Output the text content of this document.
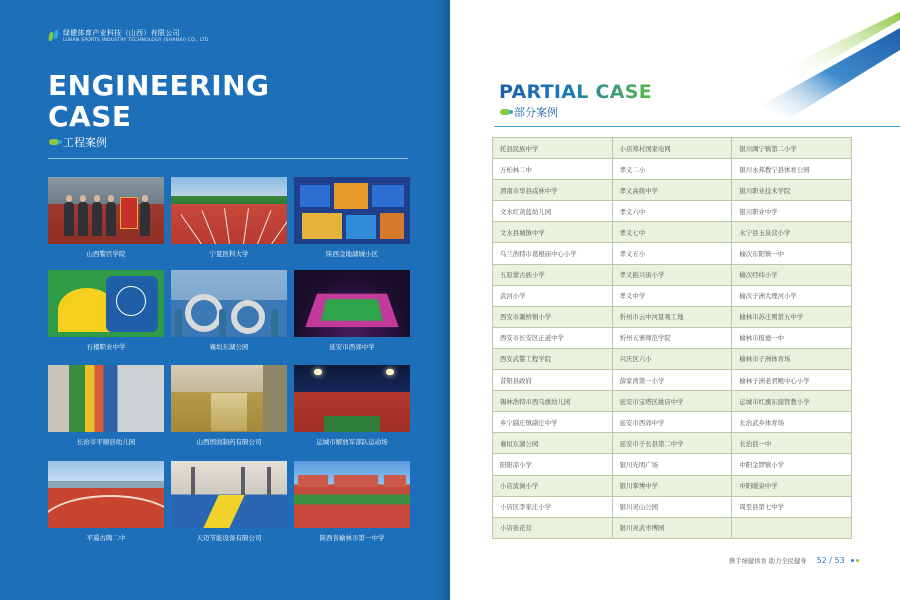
绿健体育产业科技（山西）有限公司
LUBAN SPORTS INDUSTRY TECHNOLOGY (SHANXI) CO., LTD
ENGINEERING
CASE
工程案例
山西警官学院	宁夏医科大学	陕西金地湖城小区
石楼职业中学	襄垣东湖公园	延安市西郊中学
长治市平顺县幼儿园	山西国润制药有限公司	运城市解放军部队运动场
平遥古陶二中	天迈节能设备有限公司	陕西省榆林市第一中学
PARTIAL CASE
部分案例
托县民族中学	小店郑村国家电网	银川闽宁镇第二小学
万柏林二中	孝义二小	银川永邦教宁县体育公园
渭南市华县咸林中学	孝义高级中学	银川职业技术学院
文水红黄蓝幼儿园	孝义六中	银川职业中学
文水县城镇中学	孝义七中	永宁县玉泉营小学
乌兰浩特市葛根庙中心小学	孝义五小	榆次东阳镇一中
五原蒙古族小学	孝义振兴街小学	榆次经纬小学
武河小学	孝义中学	榆次子洲大理河小学
西安市灞桥镇小学	忻州市云中河景观工地	榆林市苏庄则第五中学
西安市长安区正道中学	忻州五寨师范学院	榆林市报德一中
西安武警工程学院	兴庆区六小	榆林市子洲体育场
昔阳县政府	薛家湾第一小学	榆林子洲老君殿中心小学
锡林浩特市西乌旗幼儿园	延安市宝塔区姚店中学	运城市红旗东接管教小学
乡宁副庄镇副庄中学	延安市西郊中学	长治武乡体育场
襄垣东湖公园	延安市子长县第二中学	长治县一中
阳阳凉小学	银川光明广场	中阳金锣镇小学
小店流涧小学	银川掌博中学	中阳暖泉中学
小店区李家庄小学	银川灵山公园	周至县第七中学
小店张花营	银川灵武枣博园	
携手绿健体育 助力全民健身 52 / 53
